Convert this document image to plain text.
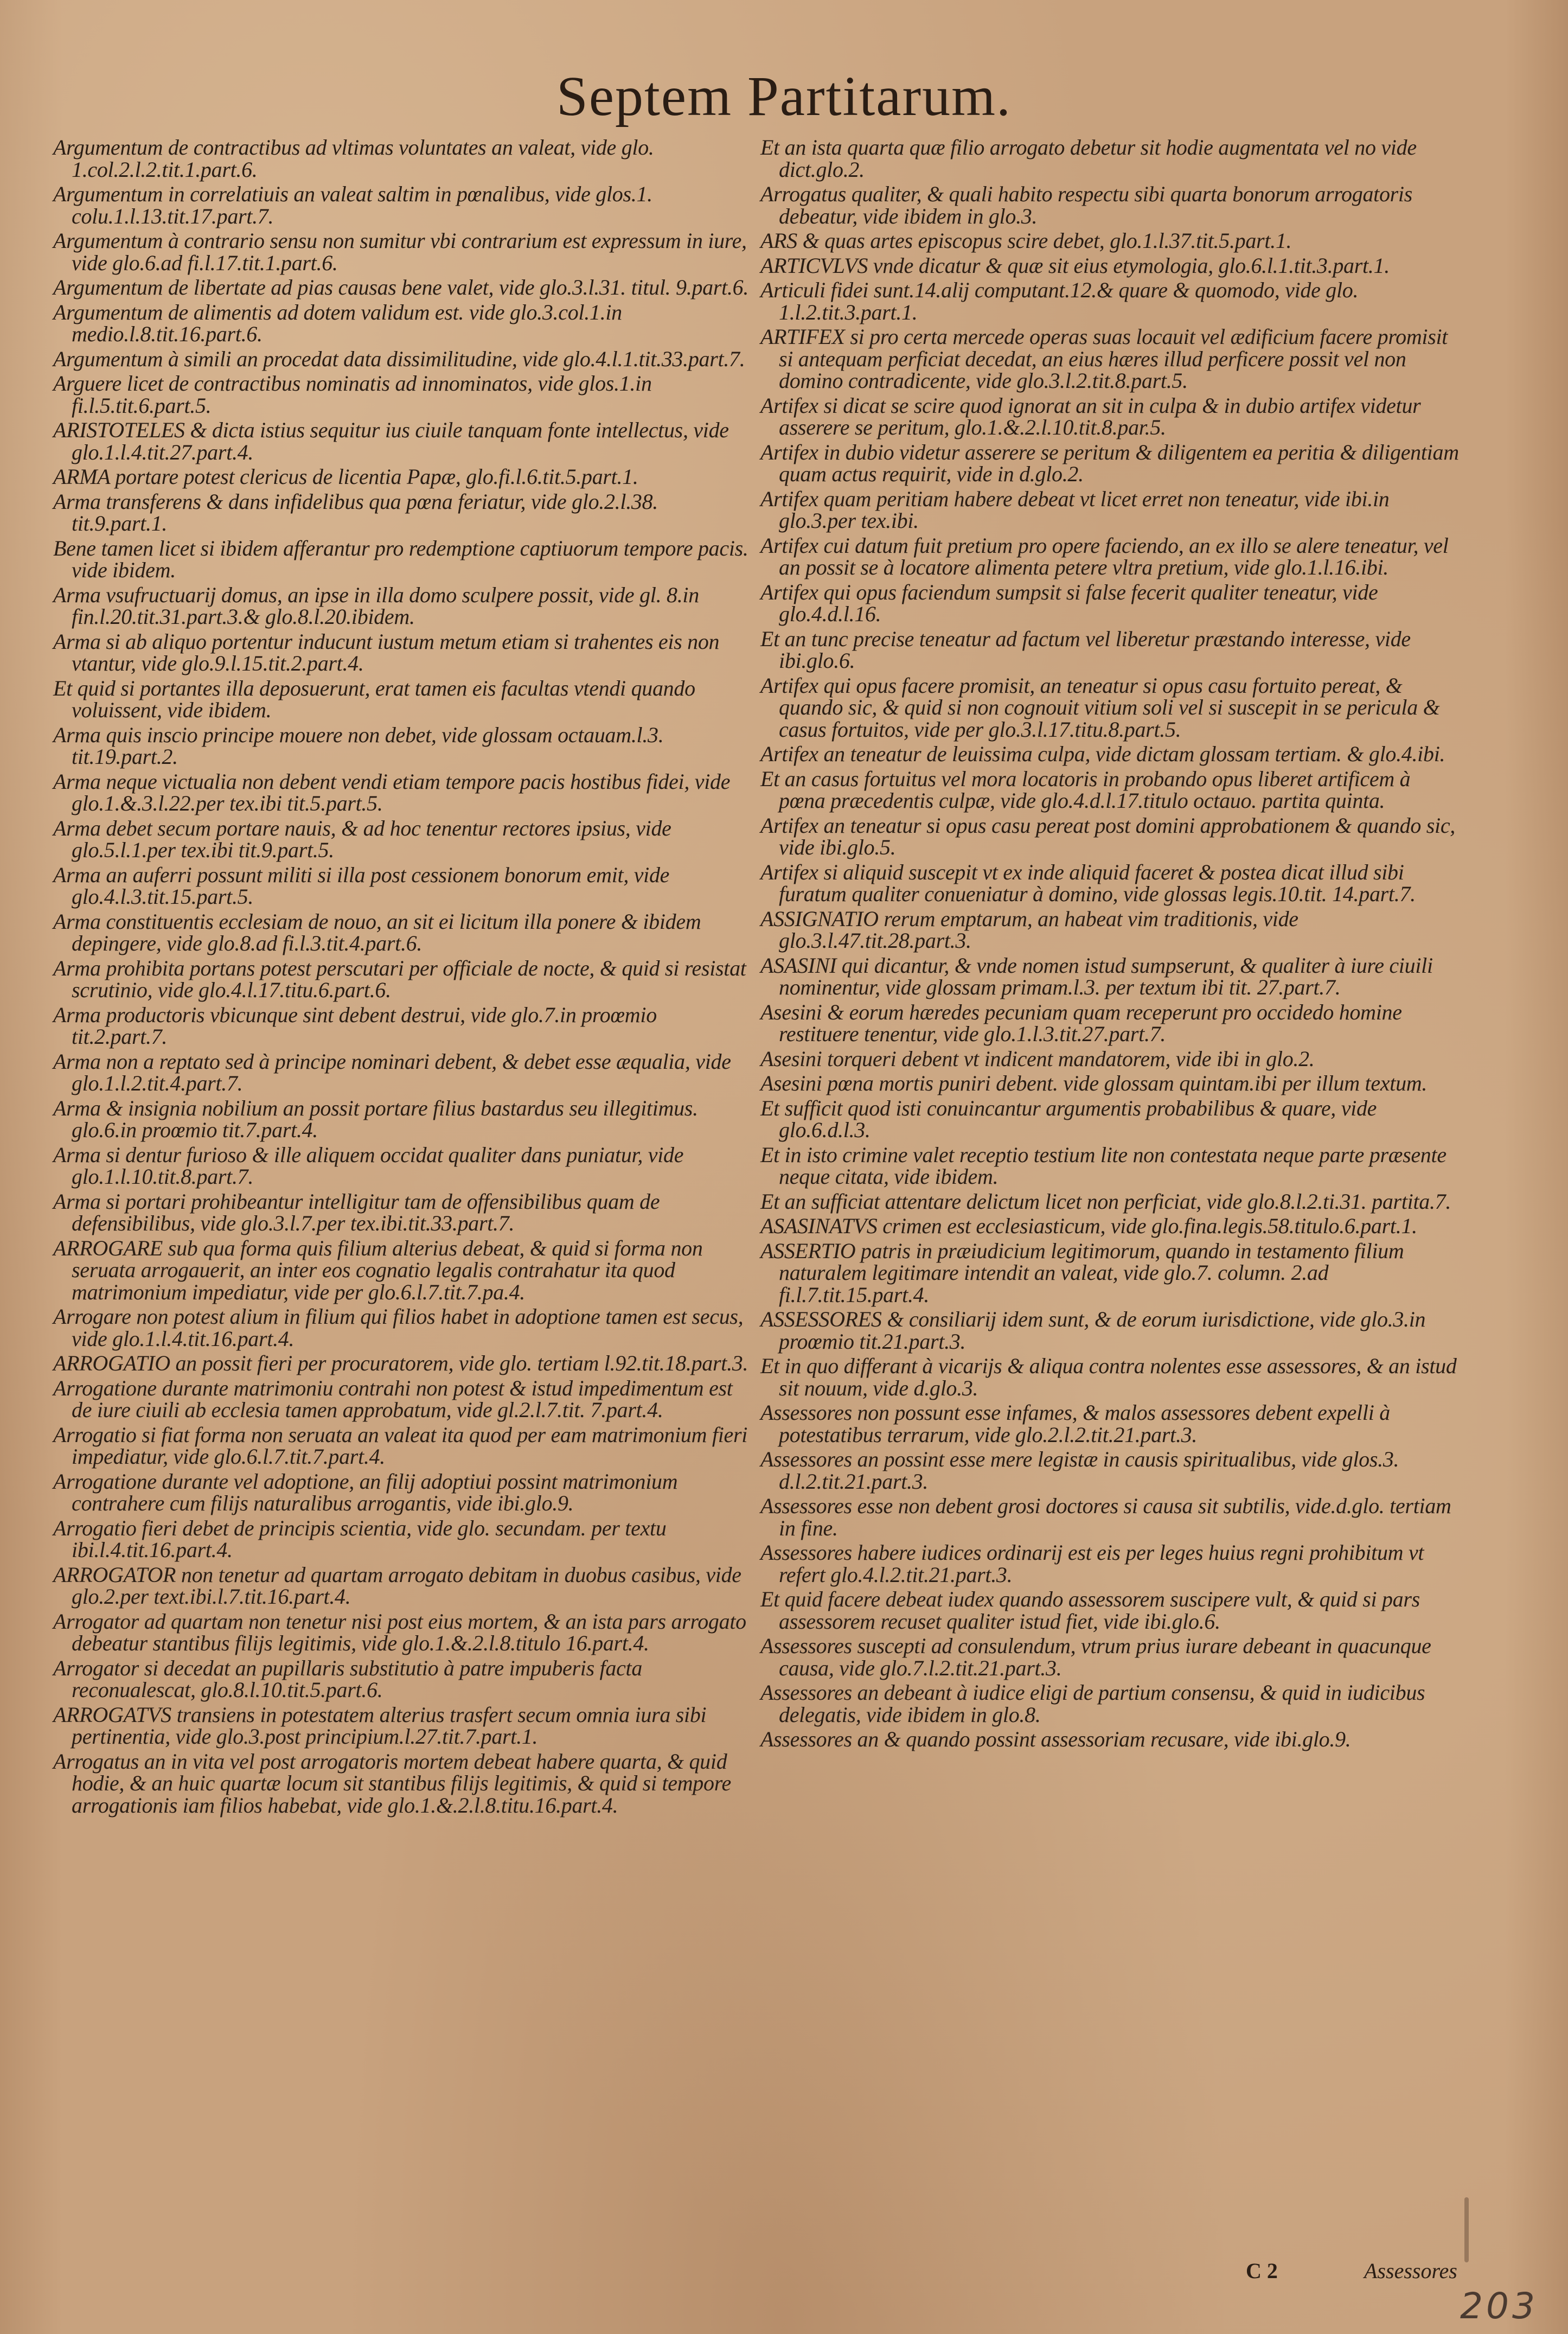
Septem Partitarum.

Argumentum de contractibus ad vltimas voluntates an valeat, vide glo. 1.col.2.l.2.tit.1.part.6.

Argumentum in correlatiuis an valeat saltim in pœnalibus, vide glos.1. colu.1.l.13.tit.17.part.7.

Argumentum à contrario sensu non sumitur vbi contrarium est expressum in iure, vide glo.6.ad fi.l.17.tit.1.part.6.

Argumentum de libertate ad pias causas bene valet, vide glo.3.l.31. titul. 9.part.6.

Argumentum de alimentis ad dotem validum est. vide glo.3.col.1.in medio.l.8.tit.16.part.6.

Argumentum à simili an procedat data dissimilitudine, vide glo.4.l.1.tit.33.part.7.

Arguere licet de contractibus nominatis ad innominatos, vide glos.1.in fi.l.5.tit.6.part.5.

ARISTOTELES & dicta istius sequitur ius ciuile tanquam fonte intellectus, vide glo.1.l.4.tit.27.part.4.

ARMA portare potest clericus de licentia Papæ, glo.fi.l.6.tit.5.part.1.

Arma transferens & dans infidelibus qua pœna feriatur, vide glo.2.l.38. tit.9.part.1.

Bene tamen licet si ibidem afferantur pro redemptione captiuorum tempore pacis. vide ibidem.

Arma vsufructuarij domus, an ipse in illa domo sculpere possit, vide gl. 8.in fin.l.20.tit.31.part.3.& glo.8.l.20.ibidem.

Arma si ab aliquo portentur inducunt iustum metum etiam si trahentes eis non vtantur, vide glo.9.l.15.tit.2.part.4.

Et quid si portantes illa deposuerunt, erat tamen eis facultas vtendi quando voluissent, vide ibidem.

Arma quis inscio principe mouere non debet, vide glossam octauam.l.3. tit.19.part.2.

Arma neque victualia non debent vendi etiam tempore pacis hostibus fidei, vide glo.1.&.3.l.22.per tex.ibi tit.5.part.5.

Arma debet secum portare nauis, & ad hoc tenentur rectores ipsius, vide glo.5.l.1.per tex.ibi tit.9.part.5.

Arma an auferri possunt militi si illa post cessionem bonorum emit, vide glo.4.l.3.tit.15.part.5.

Arma constituentis ecclesiam de nouo, an sit ei licitum illa ponere & ibidem depingere, vide glo.8.ad fi.l.3.tit.4.part.6.

Arma prohibita portans potest perscutari per officiale de nocte, & quid si resistat scrutinio, vide glo.4.l.17.titu.6.part.6.

Arma productoris vbicunque sint debent destrui, vide glo.7.in proœmio tit.2.part.7.

Arma non a reptato sed à principe nominari debent, & debet esse æqualia, vide glo.1.l.2.tit.4.part.7.

Arma & insignia nobilium an possit portare filius bastardus seu illegitimus. glo.6.in proœmio tit.7.part.4.

Arma si dentur furioso & ille aliquem occidat qualiter dans puniatur, vide glo.1.l.10.tit.8.part.7.

Arma si portari prohibeantur intelligitur tam de offensibilibus quam de defensibilibus, vide glo.3.l.7.per tex.ibi.tit.33.part.7.

ARROGARE sub qua forma quis filium alterius debeat, & quid si forma non seruata arrogauerit, an inter eos cognatio legalis contrahatur ita quod matrimonium impediatur, vide per glo.6.l.7.tit.7.pa.4.

Arrogare non potest alium in filium qui filios habet in adoptione tamen est secus, vide glo.1.l.4.tit.16.part.4.

ARROGATIO an possit fieri per procuratorem, vide glo. tertiam l.92.tit.18.part.3.

Arrogatione durante matrimoniu contrahi non potest & istud impedimentum est de iure ciuili ab ecclesia tamen approbatum, vide gl.2.l.7.tit. 7.part.4.

Arrogatio si fiat forma non seruata an valeat ita quod per eam matrimonium fieri impediatur, vide glo.6.l.7.tit.7.part.4.

Arrogatione durante vel adoptione, an filij adoptiui possint matrimonium contrahere cum filijs naturalibus arrogantis, vide ibi.glo.9.

Arrogatio fieri debet de principis scientia, vide glo. secundam. per textu ibi.l.4.tit.16.part.4.

ARROGATOR non tenetur ad quartam arrogato debitam in duobus casibus, vide glo.2.per text.ibi.l.7.tit.16.part.4.

Arrogator ad quartam non tenetur nisi post eius mortem, & an ista pars arrogato debeatur stantibus filijs legitimis, vide glo.1.&.2.l.8.titulo 16.part.4.

Arrogator si decedat an pupillaris substitutio à patre impuberis facta reconualescat, glo.8.l.10.tit.5.part.6.

ARROGATVS transiens in potestatem alterius trasfert secum omnia iura sibi pertinentia, vide glo.3.post principium.l.27.tit.7.part.1.

Arrogatus an in vita vel post arrogatoris mortem debeat habere quarta, & quid hodie, & an huic quartæ locum sit stantibus filijs legitimis, & quid si tempore arrogationis iam filios habebat, vide glo.1.&.2.l.8.titu.16.part.4.

Et an ista quarta quæ filio arrogato debetur sit hodie augmentata vel no vide dict.glo.2.

Arrogatus qualiter, & quali habito respectu sibi quarta bonorum arrogatoris debeatur, vide ibidem in glo.3.

ARS & quas artes episcopus scire debet, glo.1.l.37.tit.5.part.1.

ARTICVLVS vnde dicatur & quæ sit eius etymologia, glo.6.l.1.tit.3.part.1.

Articuli fidei sunt.14.alij computant.12.& quare & quomodo, vide glo. 1.l.2.tit.3.part.1.

ARTIFEX si pro certa mercede operas suas locauit vel ædificium facere promisit si antequam perficiat decedat, an eius hæres illud perficere possit vel non domino contradicente, vide glo.3.l.2.tit.8.part.5.

Artifex si dicat se scire quod ignorat an sit in culpa & in dubio artifex videtur asserere se peritum, glo.1.&.2.l.10.tit.8.par.5.

Artifex in dubio videtur asserere se peritum & diligentem ea peritia & diligentiam quam actus requirit, vide in d.glo.2.

Artifex quam peritiam habere debeat vt licet erret non teneatur, vide ibi.in glo.3.per tex.ibi.

Artifex cui datum fuit pretium pro opere faciendo, an ex illo se alere teneatur, vel an possit se à locatore alimenta petere vltra pretium, vide glo.1.l.16.ibi.

Artifex qui opus faciendum sumpsit si false fecerit qualiter teneatur, vide glo.4.d.l.16.

Et an tunc precise teneatur ad factum vel liberetur præstando interesse, vide ibi.glo.6.

Artifex qui opus facere promisit, an teneatur si opus casu fortuito pereat, & quando sic, & quid si non cognouit vitium soli vel si suscepit in se pericula & casus fortuitos, vide per glo.3.l.17.titu.8.part.5.

Artifex an teneatur de leuissima culpa, vide dictam glossam tertiam. & glo.4.ibi.

Et an casus fortuitus vel mora locatoris in probando opus liberet artificem à pœna præcedentis culpæ, vide glo.4.d.l.17.titulo octauo. partita quinta.

Artifex an teneatur si opus casu pereat post domini approbationem & quando sic, vide ibi.glo.5.

Artifex si aliquid suscepit vt ex inde aliquid faceret & postea dicat illud sibi furatum qualiter conueniatur à domino, vide glossas legis.10.tit. 14.part.7.

ASSIGNATIO rerum emptarum, an habeat vim traditionis, vide glo.3.l.47.tit.28.part.3.

ASASINI qui dicantur, & vnde nomen istud sumpserunt, & qualiter à iure ciuili nominentur, vide glossam primam.l.3. per textum ibi tit. 27.part.7.

Asesini & eorum hæredes pecuniam quam receperunt pro occidedo homine restituere tenentur, vide glo.1.l.3.tit.27.part.7.

Asesini torqueri debent vt indicent mandatorem, vide ibi in glo.2.

Asesini pœna mortis puniri debent. vide glossam quintam.ibi per illum textum.

Et sufficit quod isti conuincantur argumentis probabilibus & quare, vide glo.6.d.l.3.

Et in isto crimine valet receptio testium lite non contestata neque parte præsente neque citata, vide ibidem.

Et an sufficiat attentare delictum licet non perficiat, vide glo.8.l.2.ti.31. partita.7.

ASASINATVS crimen est ecclesiasticum, vide glo.fina.legis.58.titulo.6.part.1.

ASSERTIO patris in præiudicium legitimorum, quando in testamento filium naturalem legitimare intendit an valeat, vide glo.7. column. 2.ad fi.l.7.tit.15.part.4.

ASSESSORES & consiliarij idem sunt, & de eorum iurisdictione, vide glo.3.in proœmio tit.21.part.3.

Et in quo differant à vicarijs & aliqua contra nolentes esse assessores, & an istud sit nouum, vide d.glo.3.

Assessores non possunt esse infames, & malos assessores debent expelli à potestatibus terrarum, vide glo.2.l.2.tit.21.part.3.

Assessores an possint esse mere legistæ in causis spiritualibus, vide glos.3. d.l.2.tit.21.part.3.

Assessores esse non debent grosi doctores si causa sit subtilis, vide.d.glo. tertiam in fine.

Assessores habere iudices ordinarij est eis per leges huius regni prohibitum vt refert glo.4.l.2.tit.21.part.3.

Et quid facere debeat iudex quando assessorem suscipere vult, & quid si pars assessorem recuset qualiter istud fiet, vide ibi.glo.6.

Assessores suscepti ad consulendum, vtrum prius iurare debeant in quacunque causa, vide glo.7.l.2.tit.21.part.3.

Assessores an debeant à iudice eligi de partium consensu, & quid in iudicibus delegatis, vide ibidem in glo.8.

Assessores an & quando possint assessoriam recusare, vide ibi.glo.9.

C 2	Assessores
203
